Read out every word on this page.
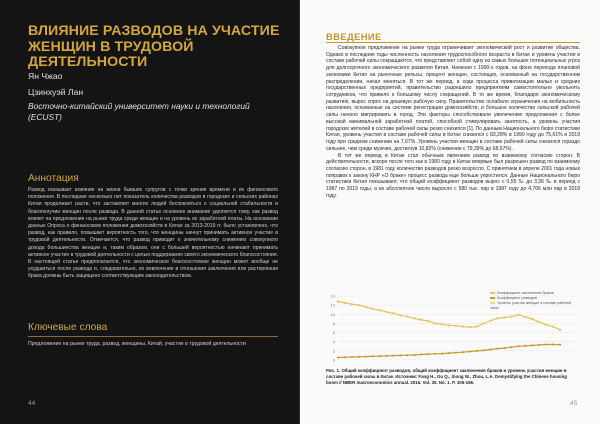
ВЛИЯНИЕ РАЗВОДОВ НА УЧАСТИЕ ЖЕНЩИН В ТРУДОВОЙ ДЕЯТЕЛЬНОСТИ
Ян Чжао
Цзинхуэй Лан
Восточно-китайский университет науки и технологий (ECUST)
Аннотация
Развод оказывает влияние на жизни бывших супругов с точки зрения времени и их финансового положения. В последние несколько лет показатель количества разводов в городских и сельских районах Китая продолжает расти, что заставляет многих людей беспокоиться о социальной стабильности и благополучии женщин после развода. В данной статье основное внимание уделяется тому, как развод влияет на предложение на рынке труда среди женщин и на уровень их заработной платы. На основании данных Опроса о финансовом положении домохозяйств в Китае за 2013-2019 гг. было установлено, что развод, как правило, повышает вероятность того, что женщины начнут принимать активное участие в трудовой деятельности. Отмечается, что развод приводит к значительному снижению совокупного дохода большинства женщин и, таким образом, они с большей вероятностью начинают принимать активное участие в трудовой деятельности с целью поддержания своего экономического благосостояния. В настоящей статье предполагается, что экономическое благосостояние женщин может вообще не ухудшиться после развода и, следовательно, их вовлечение в отношения заключения или растерянная брака должны быть защищено соответствующим законодательством.
Ключевые слова
Предложение на рынке труда, развод, женщины, Китай, участие в трудовой деятельности
44
ВВЕДЕНИЕ

Совокупное предложение на рынке труда ограничивает экономический рост и развитие общества. Однако в последние годы численность населения трудоспособного возраста в Китае и уровень участия в составе рабочей силы сокращаются, что представляет собой одну из самых больших потенциальных угроз для долгосрочного экономического развития Китая. Начиная с 1990-х годов, на фоне перехода плановой экономики Китая на рыночные рельсы, процент женщин, состоящих, основанный на государственном распределении, начал меняться. В тот же период, в ходе процесса приватизации малых и средних государственных предприятий, правительство разрешило предприятиям самостоятельно увольнять сотрудников, что привело к большому числу сокращений. В то же время, благодаря экономическому развитию, вырос спрос на дешевую рабочую силу. Правительство ослабило ограничения на мобильность населения, основанные на системе регистрации домохозяйств, и большое количество сельской рабочей силы начало мигрировать в город. Эти факторы способствовали увеличению предложения с более высокой минимальной заработной платой, способной стимулировать занятость, а уровень участия городских жителей в составе рабочей силы резко снизился [1]. По данным Национального бюро статистики Китая, уровень участия в составе рабочей силы в Китае снизился с 83,28% в 1990 году до 75,61% в 2019 году при среднем снижении на 7,67%. Уровень участия женщин в составе рабочей силы снизился гораздо сильнее, чем среди мужчин, достигнув 10,82% (снижение с 79,39% до 68,57%).

В тот же период в Китае стал обычным явлением развод по взаимному согласию сторон. В действительности, вскоре после того как в 1980 году в Китае впервые был разрешен развод по взаимному согласию сторон, в 1981 году количество разводов резко возросло. С принятием в апреле 2001 года новых поправок к закону КНР «О браке» процесс развода еще больше упростился. Данные Национального бюро статистики Китая показывают, что общий коэффициент разводов вырос с 0,55 ‰ до 3,36 ‰ в период с 1987 по 2019 годы, а их абсолютное число выросло с 580 тыс. пар в 1987 году до 4,706 млн пар в 2019 году.

0
2
4
6
8
10
12
14
Коэффициент заключения браков
Коэффициент разводов
Уровень участия женщин в составе рабочей силы
Рис. 1. Общий коэффициент разводов, общий коэффициент заключения браков и уровень участия женщин в составе рабочей силы в Китае. Источник: Fang H., Gu Q., Xiong W., Zhou, L.A. Demystifying the Chinese housing boom // NBER macroeconomics annual. 2016. Vol. 30. No. 1. P. 105-166.
45
